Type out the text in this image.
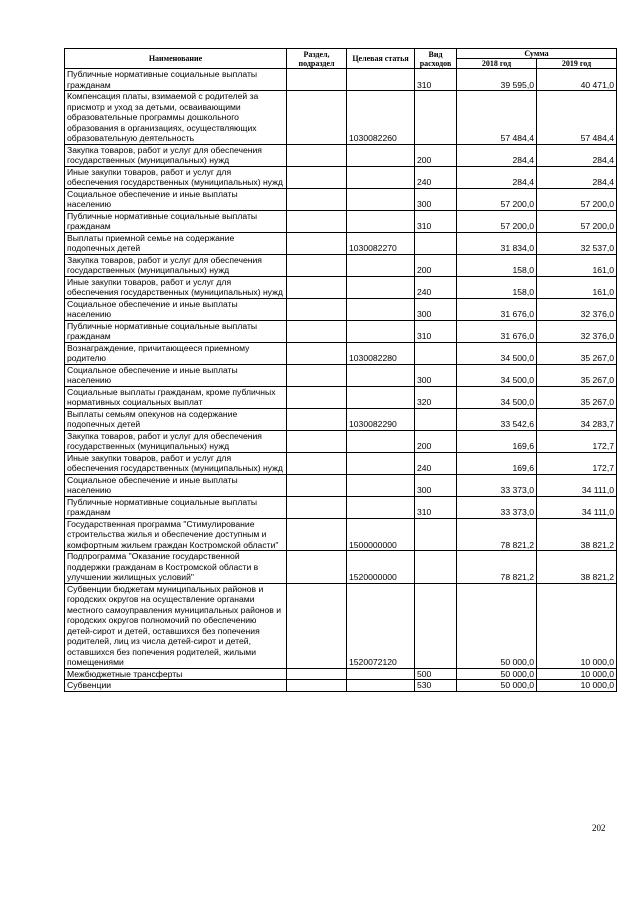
Наименование	Раздел, подраздел	Целевая статья	Вид расходов	Сумма	
				2018 год	2019 год
Публичные нормативные социальные выплаты гражданам			310	39 595,0	40 471,0
Компенсация платы, взимаемой с родителей за присмотр и уход за детьми, осваивающими образовательные программы дошкольного образования в организациях, осуществляющих образовательную деятельность		1030082260		57 484,4	57 484,4
Закупка товаров, работ и услуг для обеспечения государственных (муниципальных) нужд			200	284,4	284,4
Иные закупки товаров, работ и услуг для обеспечения государственных (муниципальных) нужд			240	284,4	284,4
Социальное обеспечение и иные выплаты населению			300	57 200,0	57 200,0
Публичные нормативные социальные выплаты гражданам			310	57 200,0	57 200,0
Выплаты приемной семье на содержание подопечных детей		1030082270		31 834,0	32 537,0
Закупка товаров, работ и услуг для обеспечения государственных (муниципальных) нужд			200	158,0	161,0
Иные закупки товаров, работ и услуг для обеспечения государственных (муниципальных) нужд			240	158,0	161,0
Социальное обеспечение и иные выплаты населению			300	31 676,0	32 376,0
Публичные нормативные социальные выплаты гражданам			310	31 676,0	32 376,0
Вознаграждение, причитающееся приемному родителю		1030082280		34 500,0	35 267,0
Социальное обеспечение и иные выплаты населению			300	34 500,0	35 267,0
Социальные выплаты гражданам, кроме публичных нормативных социальных выплат			320	34 500,0	35 267,0
Выплаты семьям опекунов на содержание подопечных детей		1030082290		33 542,6	34 283,7
Закупка товаров, работ и услуг для обеспечения государственных (муниципальных) нужд			200	169,6	172,7
Иные закупки товаров, работ и услуг для обеспечения государственных (муниципальных) нужд			240	169,6	172,7
Социальное обеспечение и иные выплаты населению			300	33 373,0	34 111,0
Публичные нормативные социальные выплаты гражданам			310	33 373,0	34 111,0
Государственная программа "Стимулирование строительства жилья и обеспечение доступным и комфортным жильем граждан Костромской области"		1500000000		78 821,2	38 821,2
Подпрограмма "Оказание государственной поддержки гражданам в Костромской области в улучшении жилищных условий"		1520000000		78 821,2	38 821,2
Субвенции бюджетам муниципальных районов и городских округов на осуществление органами местного самоуправления муниципальных районов и городских округов полномочий по обеспечению детей-сирот и детей, оставшихся без попечения родителей, лиц из числа детей-сирот и детей, оставшихся без попечения родителей, жилыми помещениями		1520072120		50 000,0	10 000,0
Межбюджетные трансферты			500	50 000,0	10 000,0
Субвенции			530	50 000,0	10 000,0
202
